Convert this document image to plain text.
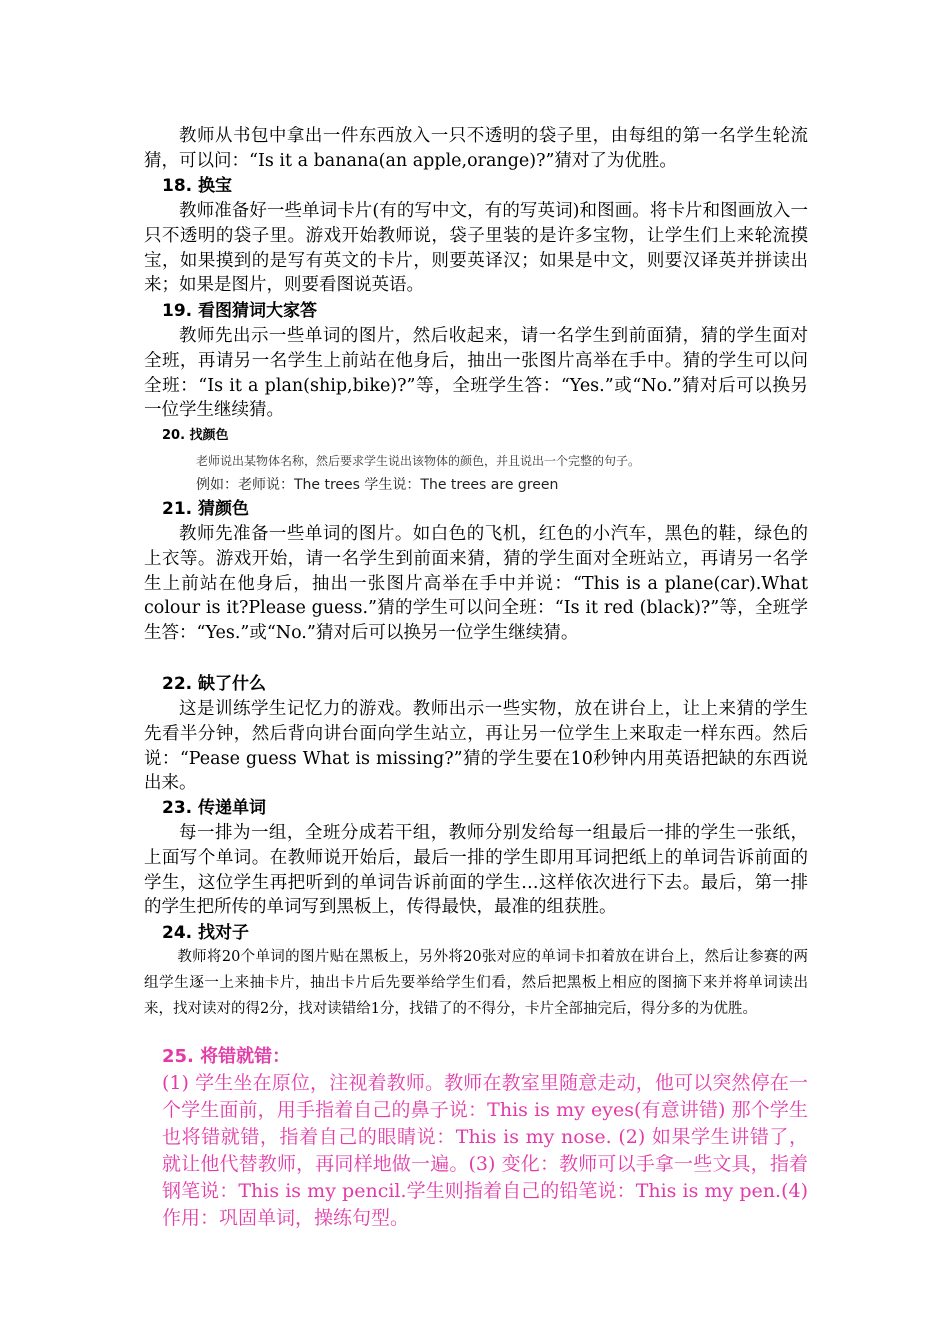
教师从书包中拿出一件东西放入一只不透明的袋子里，由每组的第一名学生轮流猜，可以问：“Is it a banana(an apple,orange)?”猜对了为优胜。

18. 换宝

教师准备好一些单词卡片(有的写中文，有的写英词)和图画。将卡片和图画放入一只不透明的袋子里。游戏开始教师说，袋子里装的是许多宝物，让学生们上来轮流摸宝，如果摸到的是写有英文的卡片，则要英译汉；如果是中文，则要汉译英并拼读出来；如果是图片，则要看图说英语。

19. 看图猜词大家答

教师先出示一些单词的图片，然后收起来，请一名学生到前面猜，猜的学生面对全班，再请另一名学生上前站在他身后，抽出一张图片高举在手中。猜的学生可以问全班：“Is it a plan(ship,bike)?”等，全班学生答：“Yes.”或“No.”猜对后可以换另一位学生继续猜。

20. 找颜色

老师说出某物体名称，然后要求学生说出该物体的颜色，并且说出一个完整的句子。

例如：老师说：The trees 学生说：The trees are green

21. 猜颜色

教师先准备一些单词的图片。如白色的飞机，红色的小汽车，黑色的鞋，绿色的上衣等。游戏开始，请一名学生到前面来猜，猜的学生面对全班站立，再请另一名学生上前站在他身后，抽出一张图片高举在手中并说：“This is a plane(car).What colour is it?Please guess.”猜的学生可以问全班：“Is it red (black)?”等，全班学生答：“Yes.”或“No.”猜对后可以换另一位学生继续猜。

22. 缺了什么

这是训练学生记忆力的游戏。教师出示一些实物，放在讲台上，让上来猜的学生先看半分钟，然后背向讲台面向学生站立，再让另一位学生上来取走一样东西。然后说：“Pease guess What is missing?”猜的学生要在10秒钟内用英语把缺的东西说出来。

23. 传递单词

每一排为一组，全班分成若干组，教师分别发给每一组最后一排的学生一张纸，上面写个单词。在教师说开始后，最后一排的学生即用耳词把纸上的单词告诉前面的学生，这位学生再把听到的单词告诉前面的学生…这样依次进行下去。最后，第一排的学生把所传的单词写到黑板上，传得最快，最准的组获胜。

24. 找对子

教师将20个单词的图片贴在黑板上，另外将20张对应的单词卡扣着放在讲台上，然后让参赛的两组学生逐一上来抽卡片，抽出卡片后先要举给学生们看，然后把黑板上相应的图摘下来并将单词读出来，找对读对的得2分，找对读错给1分，找错了的不得分，卡片全部抽完后，得分多的为优胜。

25. 将错就错：

(1) 学生坐在原位，注视着教师。教师在教室里随意走动，他可以突然停在一个学生面前，用手指着自己的鼻子说：This is my eyes(有意讲错) 那个学生也将错就错，指着自己的眼睛说：This is my nose. (2) 如果学生讲错了，就让他代替教师，再同样地做一遍。(3) 变化：教师可以手拿一些文具，指着钢笔说：This is my pencil.学生则指着自己的铅笔说：This is my pen.(4) 作用：巩固单词，操练句型。
